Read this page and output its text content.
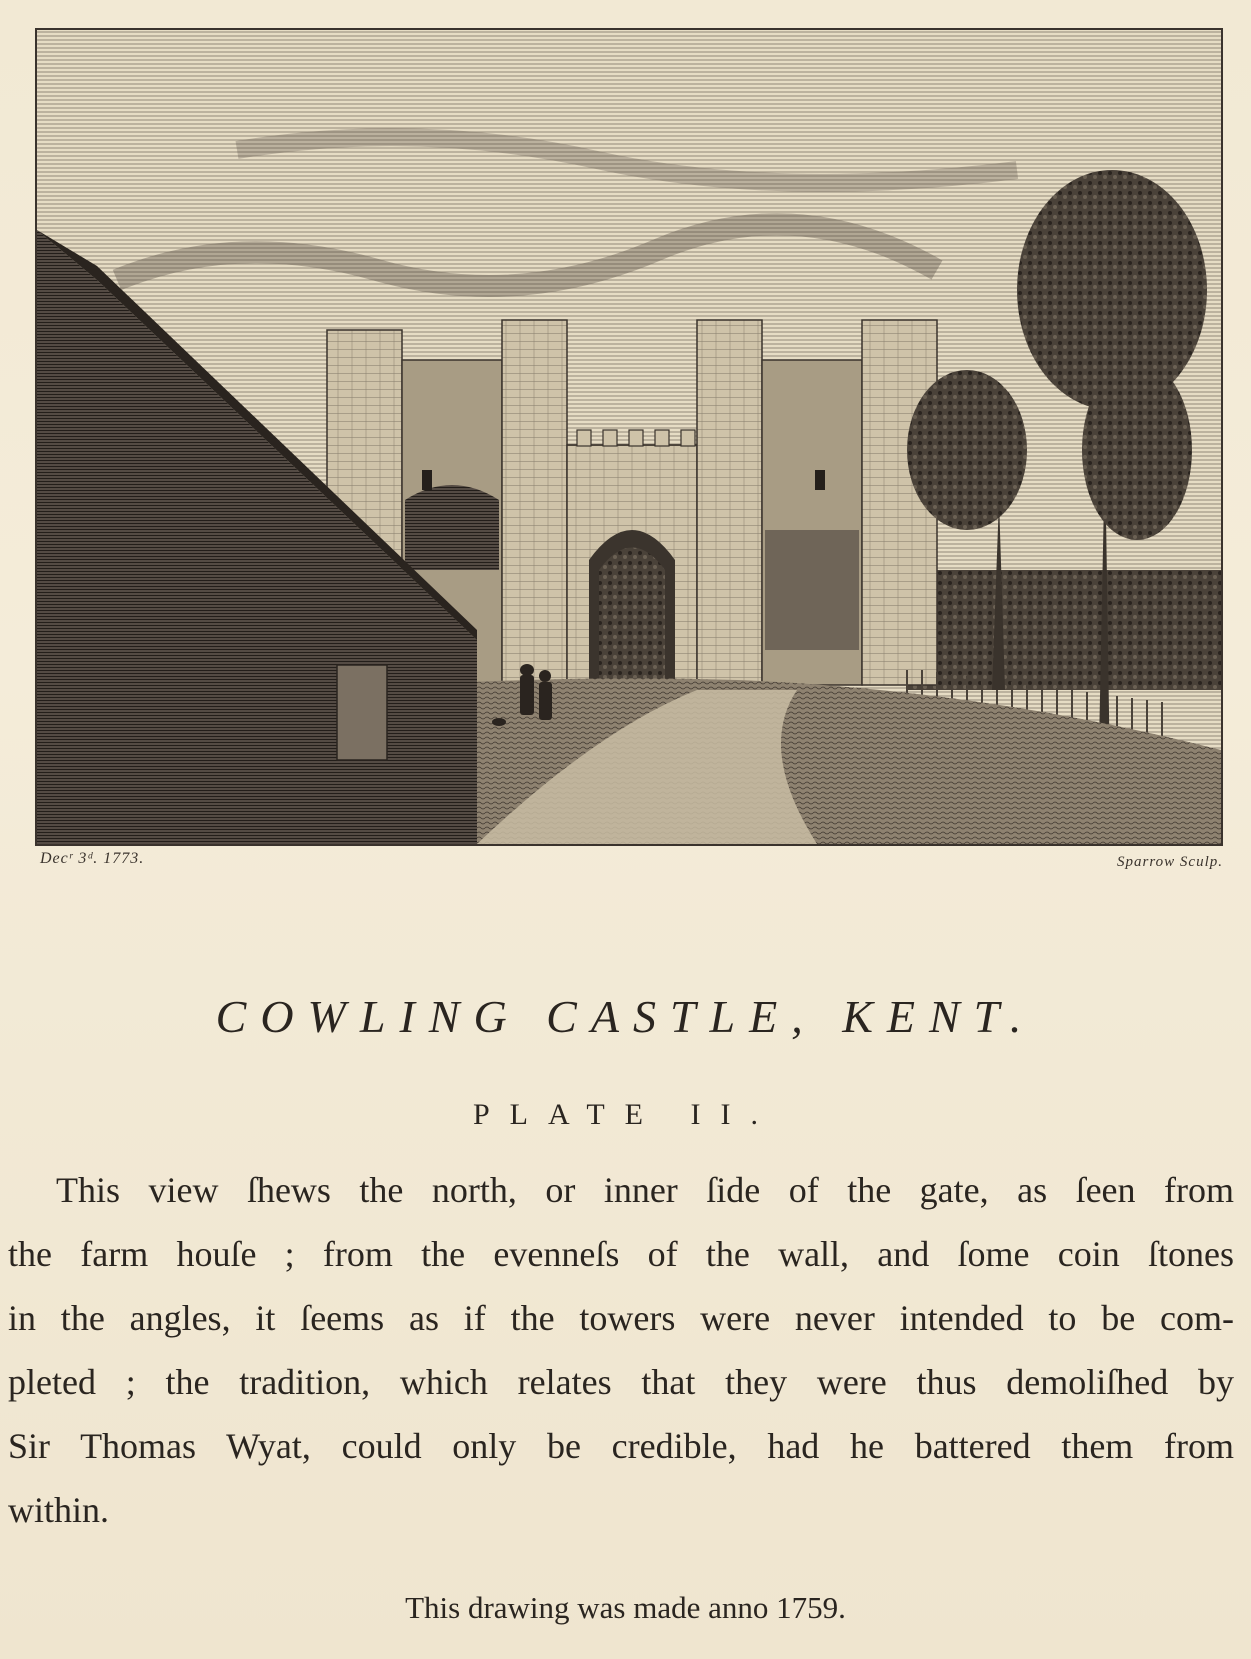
Decʳ 3ᵈ. 1773.	Sparrow Sculp.
COWLING CASTLE, KENT.
PLATE II.
This view ſhews the north, or inner ſide of the gate, as ſeen from
the farm houſe ; from the evenneſs of the wall, and ſome coin ſtones
in the angles, it ſeems as if the towers were never intended to be com-
pleted ; the tradition, which relates that they were thus demoliſhed by
Sir Thomas Wyat, could only be credible, had he battered them from
within.
This drawing was made anno 1759.
